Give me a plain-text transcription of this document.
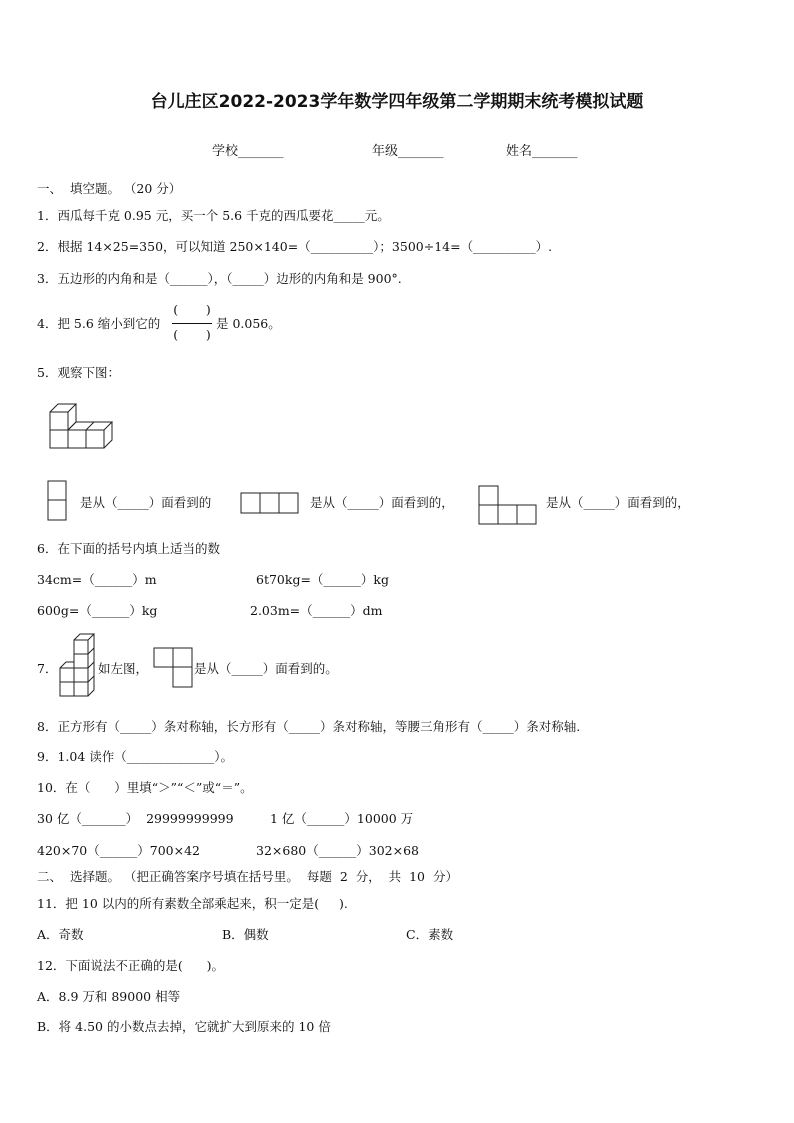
台儿庄区2022-2023学年数学四年级第二学期期末统考模拟试题
学校_______	年级_______	姓名_______
一、  填空题。 （20 分）
1．西瓜每千克 0.95 元，买一个 5.6 千克的西瓜要花_____元。
2．根据 14×25=350，可以知道 250×140=（__________）；3500÷14=（__________）.
3．五边形的内角和是（______），（_____）边形的内角和是 900°.
4．把 5.6 缩小到它的
(       )
(       )
是 0.056。
5．观察下图：
是从（_____）面看到的	是从（_____）面看到的，	是从（_____）面看到的，
6．在下面的括号内填上适当的数
34cm=（______）m	6t70kg=（______）kg
600g=（______）kg	2.03m=（______）dm
7．	如左图，	是从（_____）面看到的。
8．正方形有（_____）条对称轴，长方形有（_____）条对称轴，等腰三角形有（_____）条对称轴.
9．1.04 读作（______________）。
10．在（      ）里填“＞”“＜”或“＝”。
30 亿（_______）  29999999999	1 亿（______）10000 万
420×70（______）700×42	32×680（______）302×68
二、  选择题。 （把正确答案序号填在括号里。  每题  2  分，  共  10  分）
11．把 10 以内的所有素数全部乘起来，积一定是(     ).
A．奇数	B．偶数	C．素数
12．下面说法不正确的是(      )。
A．8.9 万和 89000 相等
B．将 4.50 的小数点去掉，它就扩大到原来的 10 倍
